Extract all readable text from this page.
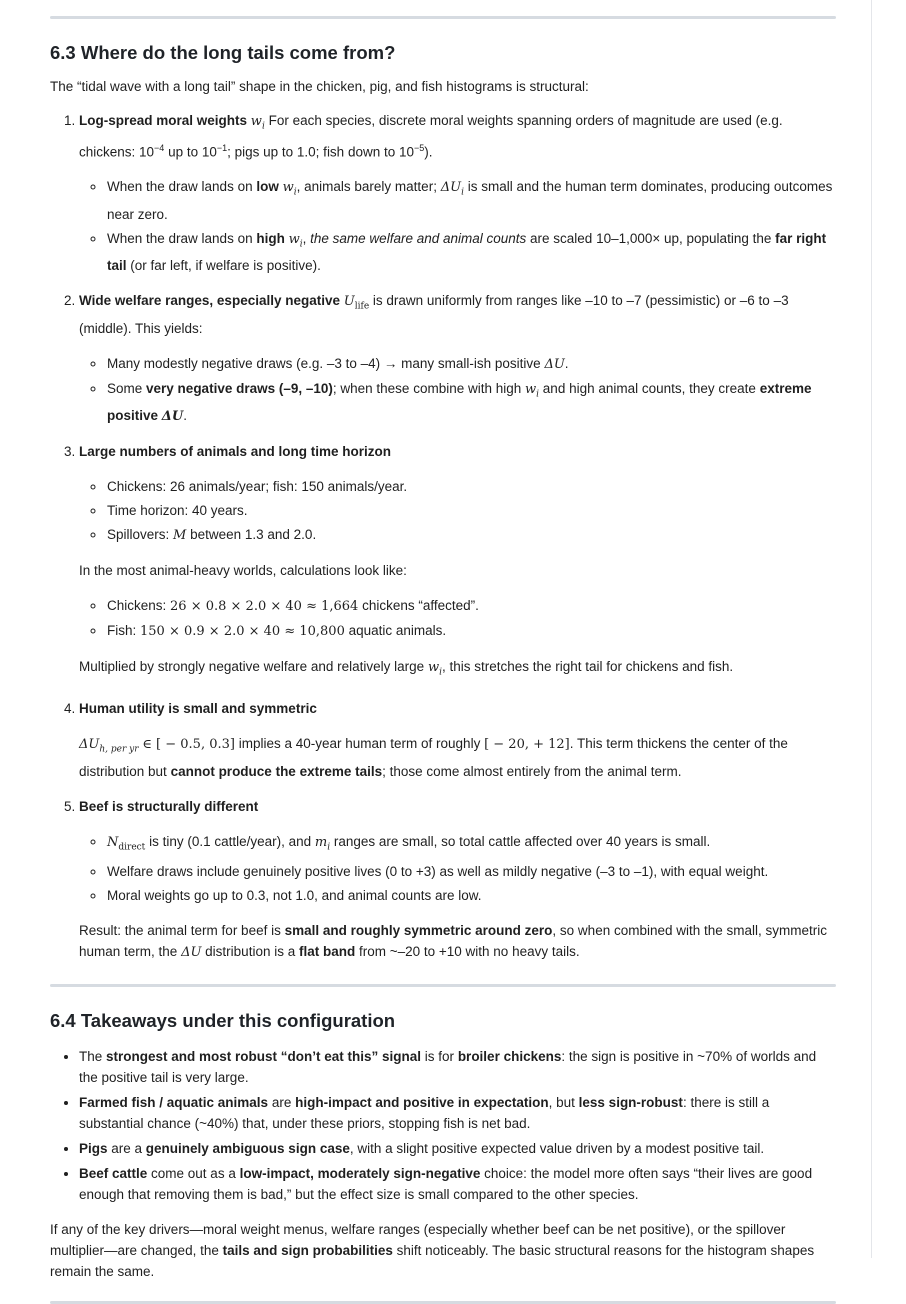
6.3 Where do the long tails come from?

The “tidal wave with a long tail” shape in the chicken, pig, and fish histograms is structural:

1. Log-spread moral weights $w_i$ For each species, discrete moral weights spanning orders of magnitude are used (e.g. chickens: $10^{-4}$ up to $10^{-1}$; pigs up to 1.0; fish down to $10^{-5}$).

◦ When the draw lands on low $w_i$, animals barely matter; $\Delta U_i$ is small and the human term dominates, producing outcomes near zero.
◦ When the draw lands on high $w_i$, the same welfare and animal counts are scaled 10–1,000× up, populating the far right tail (or far left, if welfare is positive).

2. Wide welfare ranges, especially negative $U_{life}$ is drawn uniformly from ranges like –10 to –7 (pessimistic) or –6 to –3 (middle). This yields:

◦ Many modestly negative draws (e.g. –3 to –4) → many small-ish positive ΔU.
◦ Some very negative draws (–9, –10); when these combine with high $w_i$ and high animal counts, they create extreme positive ΔU.

3. Large numbers of animals and long time horizon

◦ Chickens: 26 animals/year; fish: 150 animals/year.
◦ Time horizon: 40 years.
◦ Spillovers: M between 1.3 and 2.0.

In the most animal-heavy worlds, calculations look like:

◦ Chickens: 26 × 0.8 × 2.0 × 40 ≈ 1,664 chickens “affected”.
◦ Fish: 150 × 0.9 × 2.0 × 40 ≈ 10,800 aquatic animals.

Multiplied by strongly negative welfare and relatively large $w_i$, this stretches the right tail for chickens and fish.

4. Human utility is small and symmetric

$\Delta U_{h, per yr}$ ∈ [ − 0.5, 0.3] implies a 40-year human term of roughly [ − 20, + 12]. This term thickens the center of the distribution but cannot produce the extreme tails; those come almost entirely from the animal term.

5. Beef is structurally different

◦ $N_{direct}$ is tiny (0.1 cattle/year), and $m_i$ ranges are small, so total cattle affected over 40 years is small.
◦ Welfare draws include genuinely positive lives (0 to +3) as well as mildly negative (–3 to –1), with equal weight.
◦ Moral weights go up to 0.3, not 1.0, and animal counts are low.

Result: the animal term for beef is small and roughly symmetric around zero, so when combined with the small, symmetric human term, the ΔU distribution is a flat band from ~–20 to +10 with no heavy tails.

6.4 Takeaways under this configuration
• The strongest and most robust “don’t eat this” signal is for broiler chickens: the sign is positive in ~70% of worlds and the positive tail is very large.
• Farmed fish / aquatic animals are high-impact and positive in expectation, but less sign-robust: there is still a substantial chance (~40%) that, under these priors, stopping fish is net bad.
• Pigs are a genuinely ambiguous sign case, with a slight positive expected value driven by a modest positive tail.
• Beef cattle come out as a low-impact, moderately sign-negative choice: the model more often says “their lives are good enough that removing them is bad,” but the effect size is small compared to the other species.

If any of the key drivers—moral weight menus, welfare ranges (especially whether beef can be net positive), or the spillover multiplier—are changed, the tails and sign probabilities shift noticeably. The basic structural reasons for the histogram shapes remain the same.
